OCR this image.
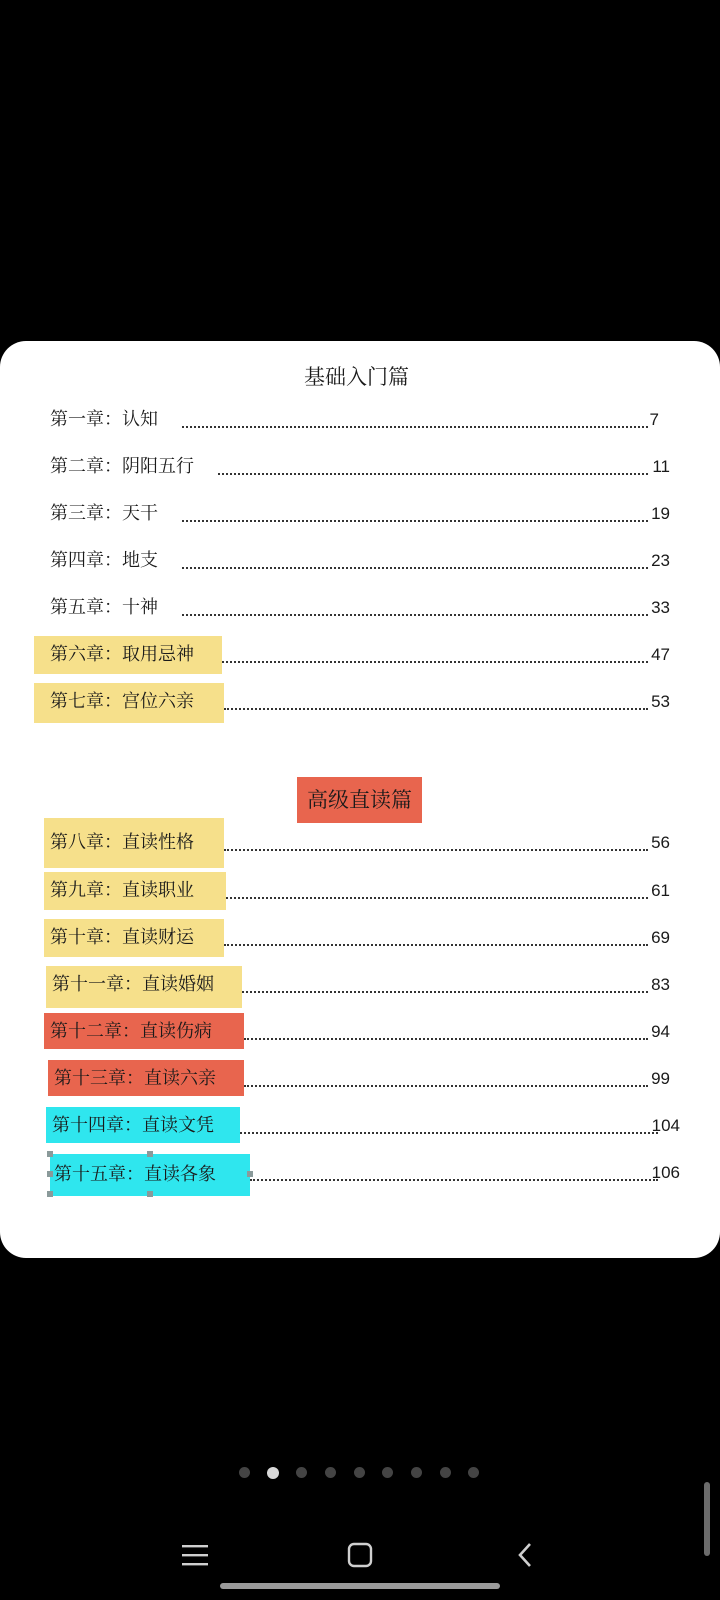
基础入门篇
第一章：认知	7
第二章：阴阳五行	11
第三章：天干	19
第四章：地支	23
第五章：十神	33
第六章：取用忌神	47
第七章：宫位六亲	53
高级直读篇
第八章：直读性格	56
第九章：直读职业	61
第十章：直读财运	69
第十一章：直读婚姻	83
第十二章：直读伤病	94
第十三章：直读六亲	99
第十四章：直读文凭	104
第十五章：直读各象	106
